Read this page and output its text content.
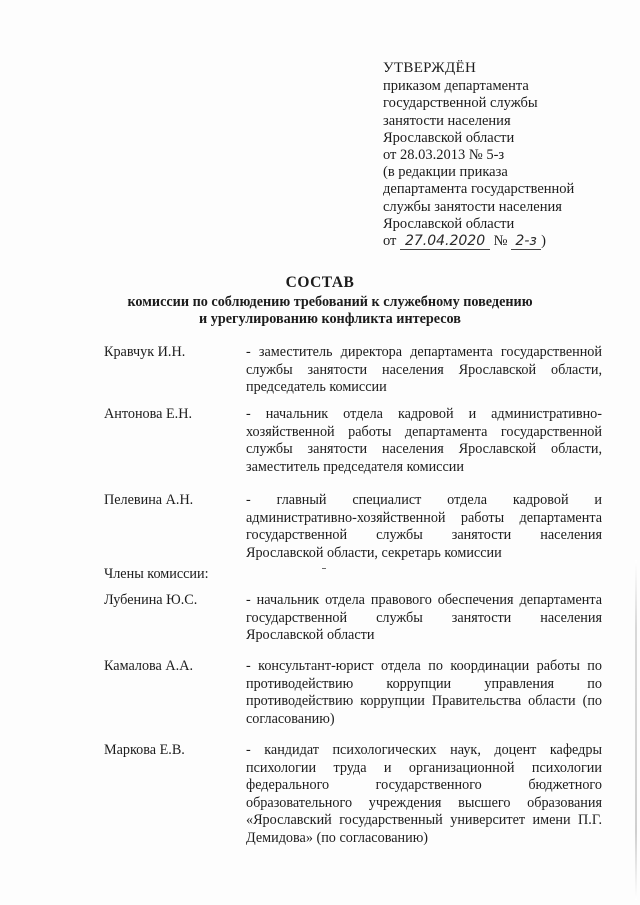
УТВЕРЖДЁН
приказом департамента
государственной службы
занятости населения
Ярославской области
от 28.03.2013 № 5-з
(в редакции приказа
департамента государственной
службы занятости населения
Ярославской области
от 27.04.2020 № 2-з )
СОСТАВ
комиссии по соблюдению требований к служебному поведению
и урегулированию конфликта интересов
Кравчук И.Н.	- заместитель директора департамента государственной службы занятости населения Ярославской области, председатель комиссии
Антонова Е.Н.	- начальник отдела кадровой и административно-хозяйственной работы департамента государственной службы занятости населения Ярославской области, заместитель председателя комиссии
Пелевина А.Н.	- главный специалист отдела кадровой и административно-хозяйственной работы департамента государственной службы занятости населения Ярославской области, секретарь комиссии
Члены комиссии:
Лубенина Ю.С.	- начальник отдела правового обеспечения департамента государственной службы занятости населения Ярославской области
Камалова А.А.	- консультант-юрист отдела по координации работы по противодействию коррупции управления по противодействию коррупции Правительства области (по согласованию)
Маркова Е.В.	- кандидат психологических наук, доцент кафедры психологии труда и организационной психологии федерального государственного бюджетного образовательного учреждения высшего образования «Ярославский государственный университет имени П.Г. Демидова» (по согласованию)
